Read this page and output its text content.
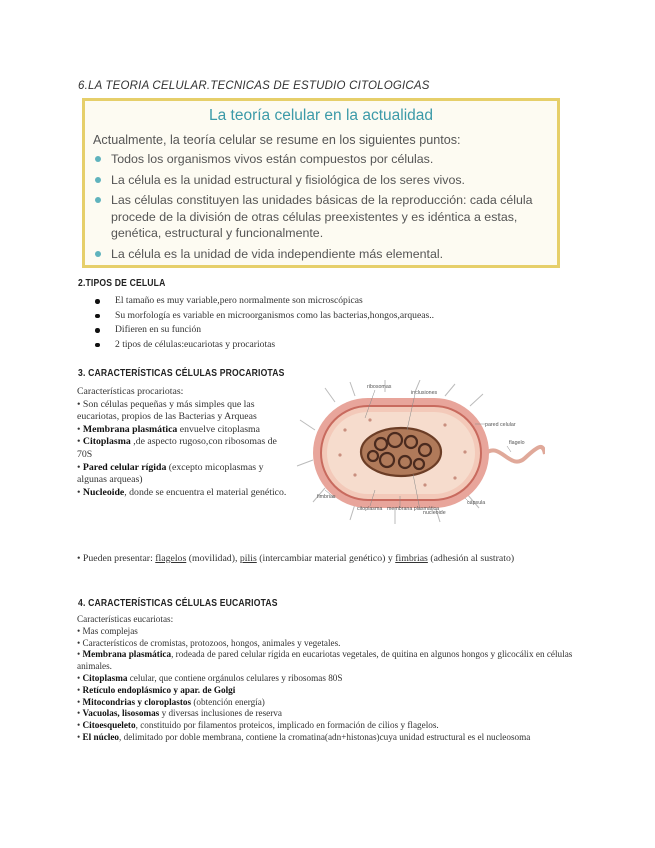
6.LA TEORIA CELULAR.TECNICAS DE ESTUDIO CITOLOGICAS
La teoría celular en la actualidad
Actualmente, la teoría celular se resume en los siguientes puntos:
Todos los organismos vivos están compuestos por células.
La célula es la unidad estructural y fisiológica de los seres vivos.
Las células constituyen las unidades básicas de la reproducción: cada célula procede de la división de otras células preexistentes y es idéntica a estas, genética, estructural y funcionalmente.
La célula es la unidad de vida independiente más elemental.
2.TIPOS DE CELULA
El tamaño es muy variable,pero normalmente son microscópicas
Su morfología es variable en microorganismos como las bacterias,hongos,arqueas..
Difieren en su función
2 tipos de células:eucariotas y procariotas
3. CARACTERÍSTICAS CÉLULAS PROCARIOTAS
Características procariotas:
• Son células pequeñas y más simples que las eucariotas, propios de las Bacterias y Arqueas
• Membrana plasmática envuelve citoplasma
• Citoplasma ,de aspecto rugoso,con ribosomas de 70S
• Pared celular rígida (excepto micoplasmas y algunas arqueas)
• Nucleoide, donde se encuentra el material genético.
• Pueden presentar: flagelos (movilidad), pilis (intercambiar material genético) y fimbrias (adhesión al sustrato)
ribosomas
inclusiones
pared celular
flagelo
cápsula
nucleoide
membrana plasmática
citoplasma
fimbrias
4. CARACTERÍSTICAS CÉLULAS EUCARIOTAS
Características eucariotas:
• Mas complejas
• Característicos de cromistas, protozoos, hongos, animales y vegetales.
• Membrana plasmática, rodeada de pared celular rígida en eucariotas vegetales, de quitina en algunos hongos y glicocálix en células animales.
• Citoplasma celular, que contiene orgánulos celulares y ribosomas 80S
• Retículo endoplásmico y apar. de Golgi
• Mitocondrias y cloroplastos (obtención energía)
• Vacuolas, lisosomas y diversas inclusiones de reserva
• Citoesqueleto, constituido por filamentos proteicos, implicado en formación de cilios y flagelos.
• El núcleo, delimitado por doble membrana, contiene la cromatina(adn+histonas)cuya unidad estructural es el nucleosoma
